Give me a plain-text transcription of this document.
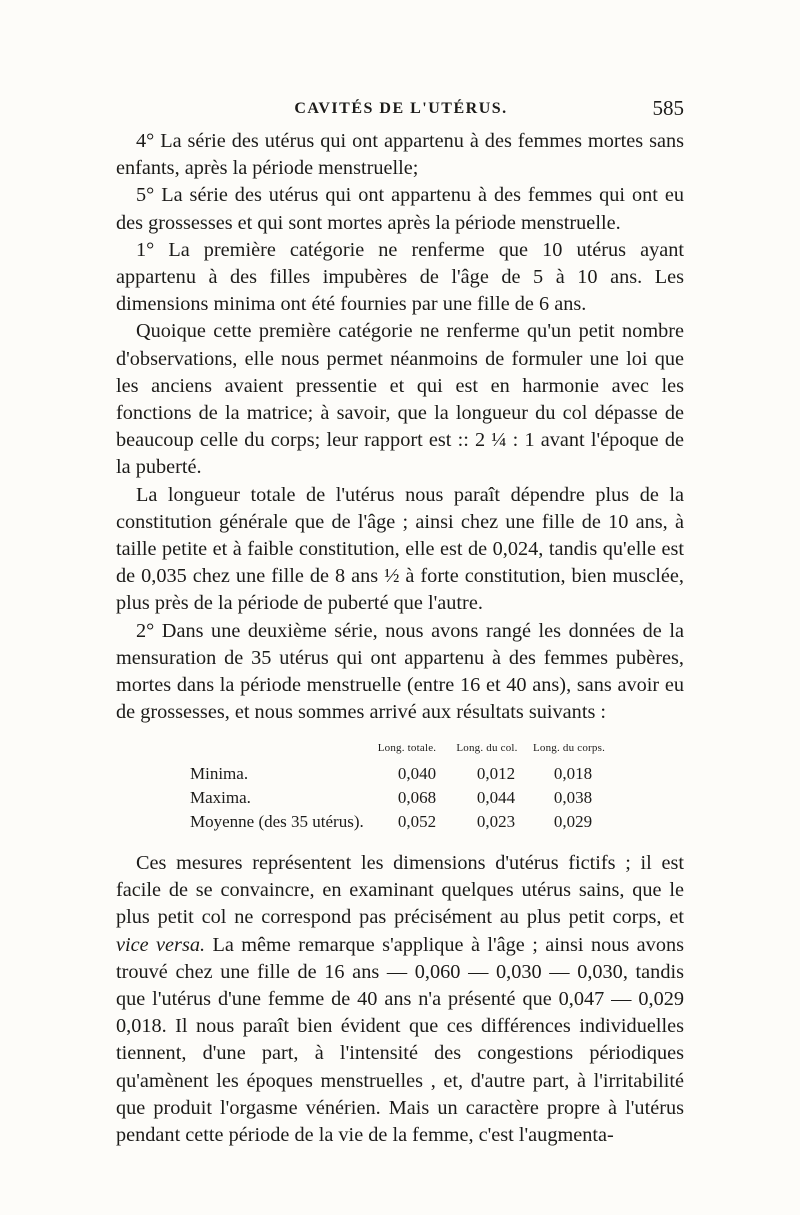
CAVITÉS DE L'UTÉRUS.	585

4° La série des utérus qui ont appartenu à des femmes mortes sans enfants, après la période menstruelle;

5° La série des utérus qui ont appartenu à des femmes qui ont eu des grossesses et qui sont mortes après la période menstruelle.

1° La première catégorie ne renferme que 10 utérus ayant appartenu à des filles impubères de l'âge de 5 à 10 ans. Les dimensions minima ont été fournies par une fille de 6 ans.

Quoique cette première catégorie ne renferme qu'un petit nombre d'observations, elle nous permet néanmoins de formuler une loi que les anciens avaient pressentie et qui est en harmonie avec les fonctions de la matrice; à savoir, que la longueur du col dépasse de beaucoup celle du corps; leur rapport est :: 2 ¼ : 1 avant l'époque de la puberté.

La longueur totale de l'utérus nous paraît dépendre plus de la constitution générale que de l'âge ; ainsi chez une fille de 10 ans, à taille petite et à faible constitution, elle est de 0,024, tandis qu'elle est de 0,035 chez une fille de 8 ans ½ à forte constitution, bien musclée, plus près de la période de puberté que l'autre.

2° Dans une deuxième série, nous avons rangé les données de la mensuration de 35 utérus qui ont appartenu à des femmes pubères, mortes dans la période menstruelle (entre 16 et 40 ans), sans avoir eu de grossesses, et nous sommes arrivé aux résultats suivants :

Long. totale.	Long. du col.	Long. du corps.
Minima.	0,040	0,012	0,018
Maxima.	0,068	0,044	0,038
Moyenne (des 35 utérus).	0,052	0,023	0,029

Ces mesures représentent les dimensions d'utérus fictifs ; il est facile de se convaincre, en examinant quelques utérus sains, que le plus petit col ne correspond pas précisément au plus petit corps, et vice versa. La même remarque s'applique à l'âge ; ainsi nous avons trouvé chez une fille de 16 ans — 0,060 — 0,030 — 0,030, tandis que l'utérus d'une femme de 40 ans n'a présenté que 0,047 — 0,029 0,018. Il nous paraît bien évident que ces différences individuelles tiennent, d'une part, à l'intensité des congestions périodiques qu'amènent les époques menstruelles , et, d'autre part, à l'irritabilité que produit l'orgasme vénérien. Mais un caractère propre à l'utérus pendant cette période de la vie de la femme, c'est l'augmenta-
